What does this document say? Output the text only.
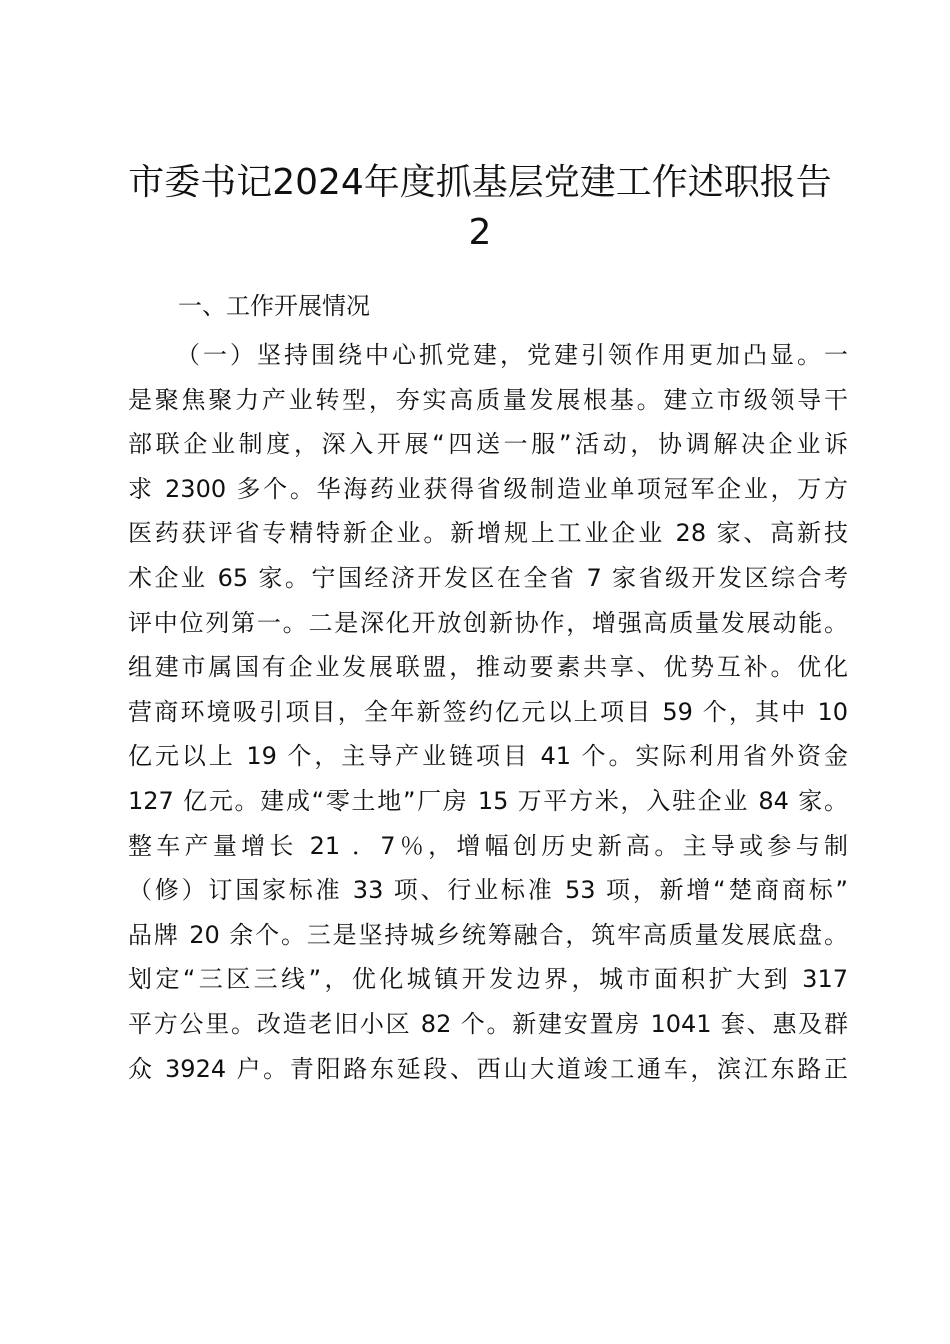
市委书记2024年度抓基层党建工作述职报告
2
一、工作开展情况
（一）坚持围绕中心抓党建，党建引领作用更加凸显。一
是聚焦聚力产业转型，夯实高质量发展根基。建立市级领导干
部联企业制度，深入开展“四送一服”活动，协调解决企业诉
求 2300 多个。华海药业获得省级制造业单项冠军企业，万方
医药获评省专精特新企业。新增规上工业企业 28 家、高新技
术企业 65 家。宁国经济开发区在全省 7 家省级开发区综合考
评中位列第一。二是深化开放创新协作，增强高质量发展动能。
组建市属国有企业发展联盟，推动要素共享、优势互补。优化
营商环境吸引项目，全年新签约亿元以上项目 59 个，其中 10
亿元以上 19 个，主导产业链项目 41 个。实际利用省外资金
127 亿元。建成“零土地”厂房 15 万平方米，入驻企业 84 家。
整车产量增长 21 ．7％，增幅创历史新高。主导或参与制
（修）订国家标准 33 项、行业标准 53 项，新增“楚商商标”
品牌 20 余个。三是坚持城乡统筹融合，筑牢高质量发展底盘。
划定“三区三线”，优化城镇开发边界，城市面积扩大到 317
平方公里。改造老旧小区 82 个。新建安置房 1041 套、惠及群
众 3924 户。青阳路东延段、西山大道竣工通车，滨江东路正
